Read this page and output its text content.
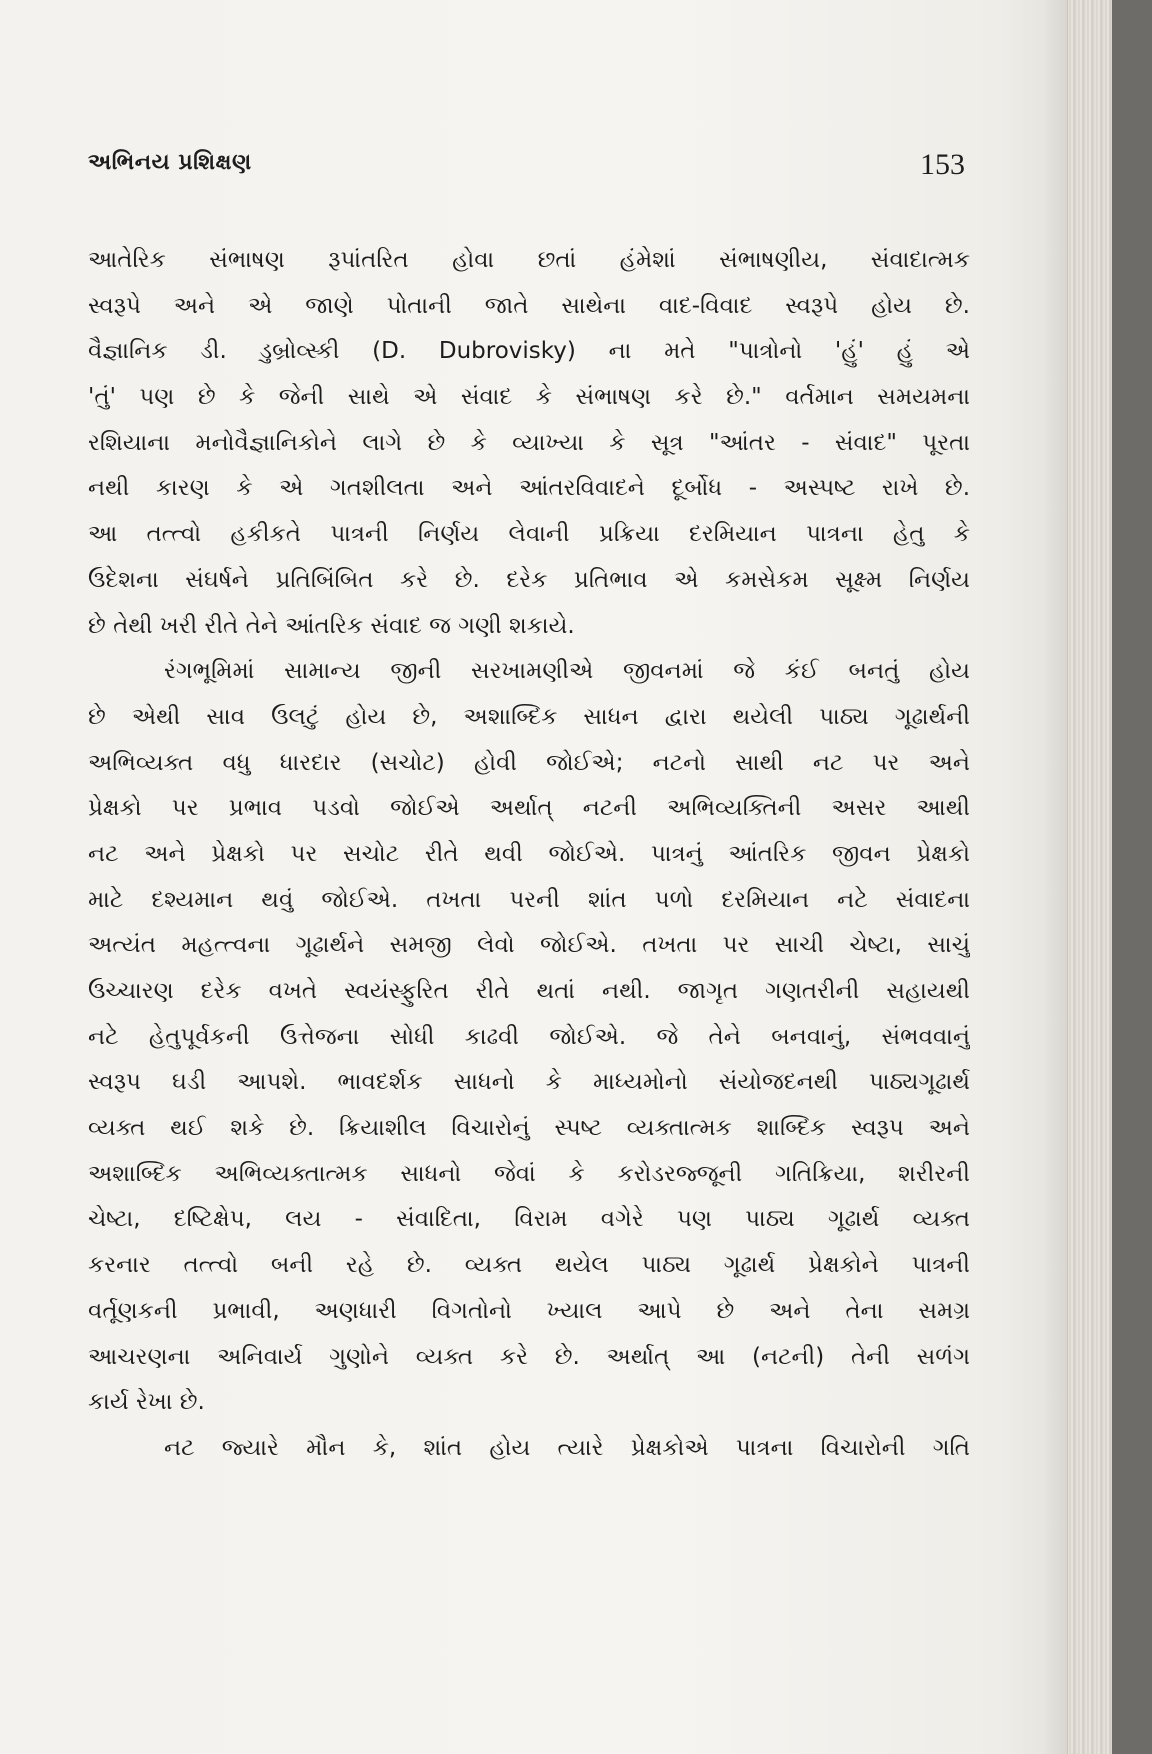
અભિનય પ્રશિક્ષણ	153
આતેરિક સંભાષણ રૂપાંતરિત હોવા છતાં હંમેશાં સંભાષણીય, સંવાદાત્મક
સ્વરૂપે અને એ જાણે પોતાની જાતે સાથેના વાદ-વિવાદ સ્વરૂપે હોય છે.
વૈજ્ઞાનિક ડી. ડુબ્રોવ્સ્કી (D. Dubrovisky) ના મતે "પાત્રોનો 'હું' હું એ
'તું' પણ છે કે જેની સાથે એ સંવાદ કે સંભાષણ કરે છે." વર્તમાન સમયમના
રશિયાના મનોવૈજ્ઞાનિકોને લાગે છે કે વ્યાખ્યા કે સૂત્ર "આંતર - સંવાદ" પૂરતા
નથી કારણ કે એ ગતશીલતા અને આંતરવિવાદને દૂર્બોધ - અસ્પષ્ટ રાખે છે.
આ તત્ત્વો હકીકતે પાત્રની નિર્ણય લેવાની પ્રક્રિયા દરમિયાન પાત્રના હેતુ કે
ઉદેશના સંઘર્ષને પ્રતિબિંબિત કરે છે. દરેક પ્રતિભાવ એ કમસેકમ સૂક્ષ્મ નિર્ણય
છે તેથી ખરી રીતે તેને આંતરિક સંવાદ જ ગણી શકાયે.
રંગભૂમિમાં સામાન્ય જીની સરખામણીએ જીવનમાં જે કંઈ બનતું હોય
છે એથી સાવ ઉલટું હોય છે, અશાબ્દિક સાધન દ્વારા થયેલી પાઠ્ય ગૂઢાર્થની
અભિવ્યક્ત વધુ ધારદાર (સચોટ) હોવી જોઈએ; નટનો સાથી નટ પર અને
પ્રેક્ષકો પર પ્રભાવ પડવો જોઈએ અર્થાત્ નટની અભિવ્યક્તિની અસર આથી
નટ અને પ્રેક્ષકો પર સચોટ રીતે થવી જોઈએ. પાત્રનું આંતરિક જીવન પ્રેક્ષકો
માટે દશ્યમાન થવું જોઈએ. તખતા પરની શાંત પળો દરમિયાન નટે સંવાદના
અત્યંત મહત્ત્વના ગૂઢાર્થને સમજી લેવો જોઈએ. તખતા પર સાચી ચેષ્ટા, સાચું
ઉચ્ચારણ દરેક વખતે સ્વયંસ્ફુરિત રીતે થતાં નથી. જાગૃત ગણતરીની સહાયથી
નટે હેતુપૂર્વકની ઉત્તેજના સોધી કાઢવી જોઈએ. જે તેને બનવાનું, સંભવવાનું
સ્વરૂપ ઘડી આપશે. ભાવદર્શક સાધનો કે માધ્યમોનો સંયોજદનથી પાઠ્યગૂઢાર્થ
વ્યક્ત થઈ શકે છે. ક્રિયાશીલ વિચારોનું સ્પષ્ટ વ્યક્તાત્મક શાબ્દિક સ્વરૂપ અને
અશાબ્દિક અભિવ્યક્તાત્મક સાધનો જેવાં કે કરોડરજ્જૂની ગતિક્રિયા, શરીરની
ચેષ્ટા, દષ્ટિક્ષેપ, લય - સંવાદિતા, વિરામ વગેરે પણ પાઠ્ય ગૂઢાર્થ વ્યક્ત
કરનાર તત્ત્વો બની રહે છે. વ્યક્ત થયેલ પાઠ્ય ગૂઢાર્થ પ્રેક્ષકોને પાત્રની
વર્તૂણકની પ્રભાવી, અણધારી વિગતોનો ખ્યાલ આપે છે અને તેના સમગ્ર
આચરણના અનિવાર્ય ગુણોને વ્યક્ત કરે છે. અર્થાત્ આ (નટની) તેની સળંગ
કાર્ય રેખા છે.
નટ જ્યારે મૌન કે, શાંત હોય ત્યારે પ્રેક્ષકોએ પાત્રના વિચારોની ગતિ
